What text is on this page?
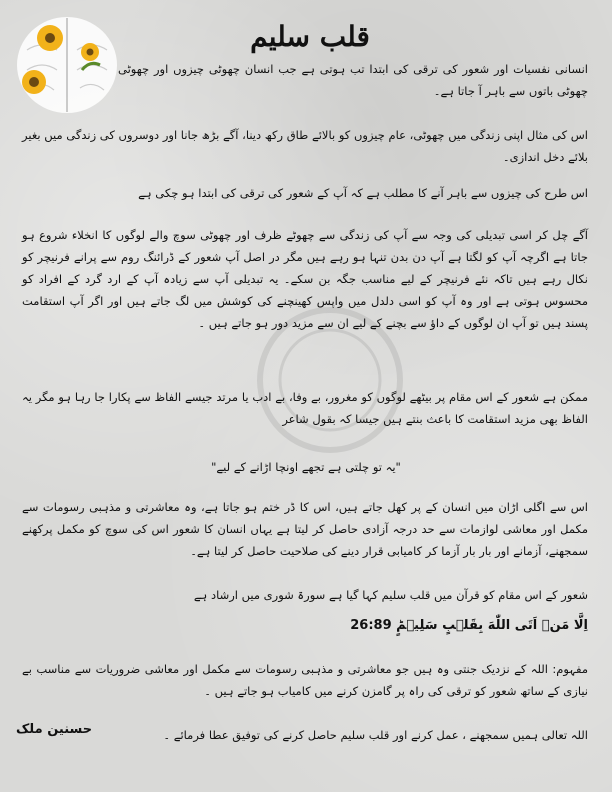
قلب سلیم
انسانی نفسیات اور شعور کی ترقی کی ابتدا تب ہوتی ہے جب انسان چھوٹی چیزوں اور چھوٹی چھوٹی باتوں سے باہر آ جاتا ہے۔
اس کی مثال اپنی زندگی میں چھوٹی، عام چیزوں کو بالائے طاق رکھ دینا، آگے بڑھ جانا اور دوسروں کی زندگی میں بغیر بلائے دخل اندازی۔
اس طرح کی چیزوں سے باہر آنے کا مطلب ہے کہ آپ کے شعور کی ترقی کی ابتدا ہو چکی ہے
آگے چل کر اسی تبدیلی کی وجہ سے آپ کی زندگی سے چھوٹے ظرف اور چھوٹی سوچ والے لوگوں کا انخلاء شروع ہو جاتا ہے اگرچہ آپ کو لگتا ہے آپ دن بدن تنہا ہو رہے ہیں مگر در اصل آپ شعور کے ڈرائنگ روم سے پرانے فرنیچر کو نکال رہے ہیں تاکہ نئے فرنیچر کے لیے مناسب جگہ بن سکے۔ یہ تبدیلی آپ سے زیادہ آپ کے ارد گرد کے افراد کو محسوس ہوتی ہے اور وہ آپ کو اسی دلدل میں واپس کھینچنے کی کوشش میں لگ جاتے ہیں اور اگر آپ استقامت پسند ہیں تو آپ ان لوگوں کے داؤ سے بچنے کے لیے ان سے مزید دور ہو جاتے ہیں ۔
ممکن ہے شعور کے اس مقام پر بیٹھے لوگوں کو مغرور، بے وفا، بے ادب یا مرتد جیسے الفاظ سے پکارا جا رہا ہو مگر یہ الفاظ بھی مزید استقامت کا باعث بنتے ہیں جیسا کہ بقول شاعر
"یہ تو چلتی ہے تجھے اونچا اڑانے کے لیے"
اس سے اگلی اڑان میں انسان کے پر کھل جاتے ہیں، اس کا ڈر ختم ہو جاتا ہے، وہ معاشرتی و مذہبی رسومات سے مکمل اور معاشی لوازمات سے حد درجہ آزادی حاصل کر لیتا ہے یہاں انسان کا شعور اس کی سوچ کو مکمل پرکھنے سمجھنے، آزمانے اور بار بار آزما کر کامیابی قرار دینے کی صلاحیت حاصل کر لیتا ہے۔
شعور کے اس مقام کو قرآن میں قلب سلیم کہا گیا ہے سورۃ شوری میں ارشاد ہے
اِلَّا مَنۡ اَتَى اللّٰهَ بِقَلۡبٍ سَلِيۡمٍؕ 26:89
مفہوم: اللہ کے نزدیک جنتی وہ ہیں جو معاشرتی و مذہبی رسومات سے مکمل اور معاشی ضروریات سے مناسب بے نیازی کے ساتھ شعور کو ترقی کی راہ پر گامزن کرنے میں کامیاب ہو جاتے ہیں ۔
اللہ تعالی ہمیں سمجھنے ، عمل کرنے اور قلب سلیم حاصل کرنے کی توفیق عطا فرمائے ۔
حسنین ملک
